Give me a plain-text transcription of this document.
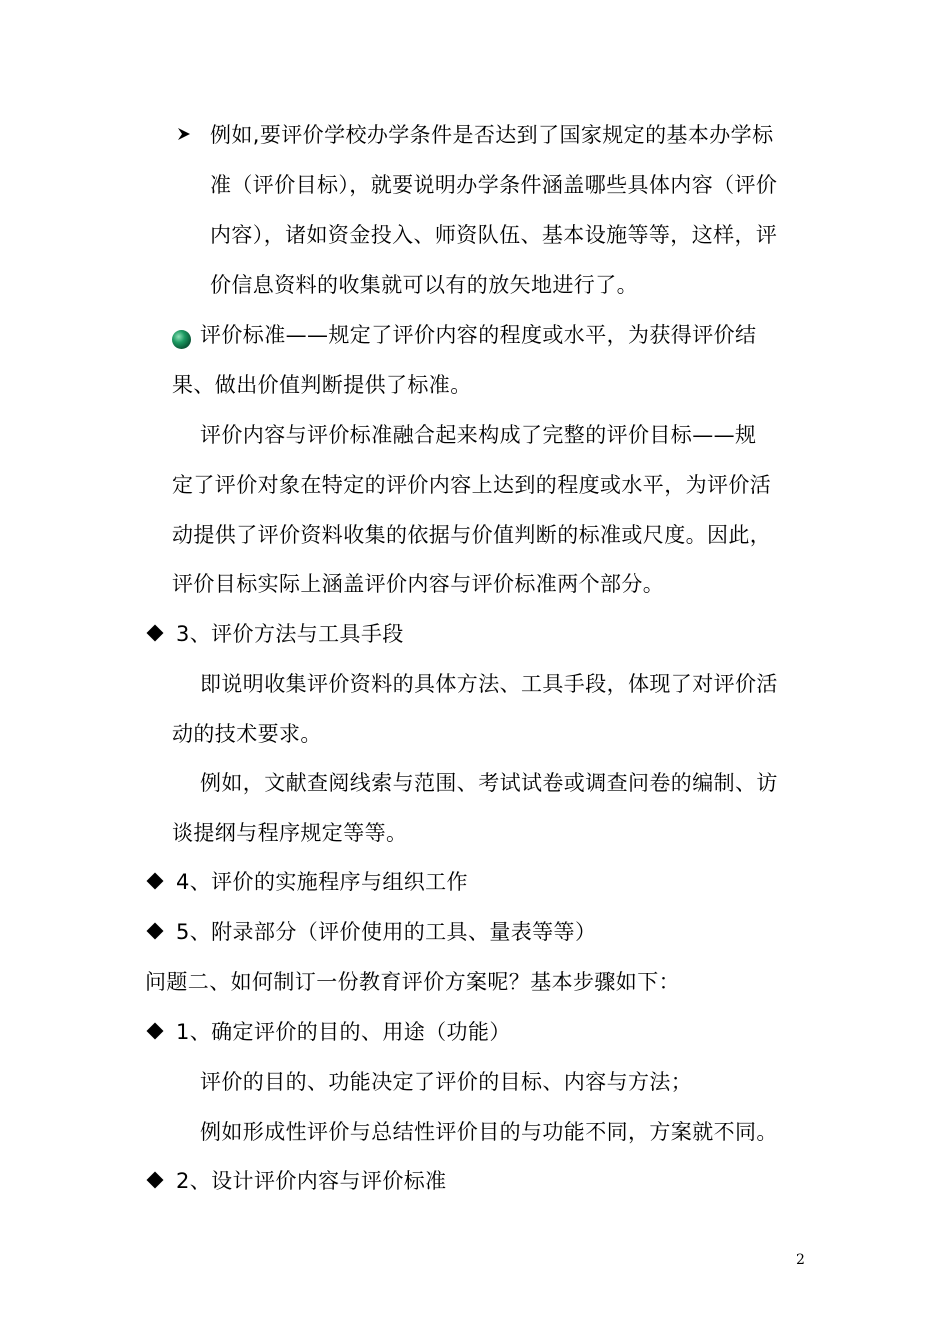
例如,要评价学校办学条件是否达到了国家规定的基本办学标
准（评价目标），就要说明办学条件涵盖哪些具体内容（评价
内容），诸如资金投入、师资队伍、基本设施等等，这样，评
价信息资料的收集就可以有的放矢地进行了。
评价标准——规定了评价内容的程度或水平，为获得评价结
果、做出价值判断提供了标准。
评价内容与评价标准融合起来构成了完整的评价目标——规
定了评价对象在特定的评价内容上达到的程度或水平，为评价活
动提供了评价资料收集的依据与价值判断的标准或尺度。因此，
评价目标实际上涵盖评价内容与评价标准两个部分。
3、评价方法与工具手段
即说明收集评价资料的具体方法、工具手段，体现了对评价活
动的技术要求。
例如，文献查阅线索与范围、考试试卷或调查问卷的编制、访
谈提纲与程序规定等等。
4、评价的实施程序与组织工作
5、附录部分（评价使用的工具、量表等等）
问题二、如何制订一份教育评价方案呢？基本步骤如下：
1、确定评价的目的、用途（功能）
评价的目的、功能决定了评价的目标、内容与方法；
例如形成性评价与总结性评价目的与功能不同，方案就不同。
2、设计评价内容与评价标准
2
